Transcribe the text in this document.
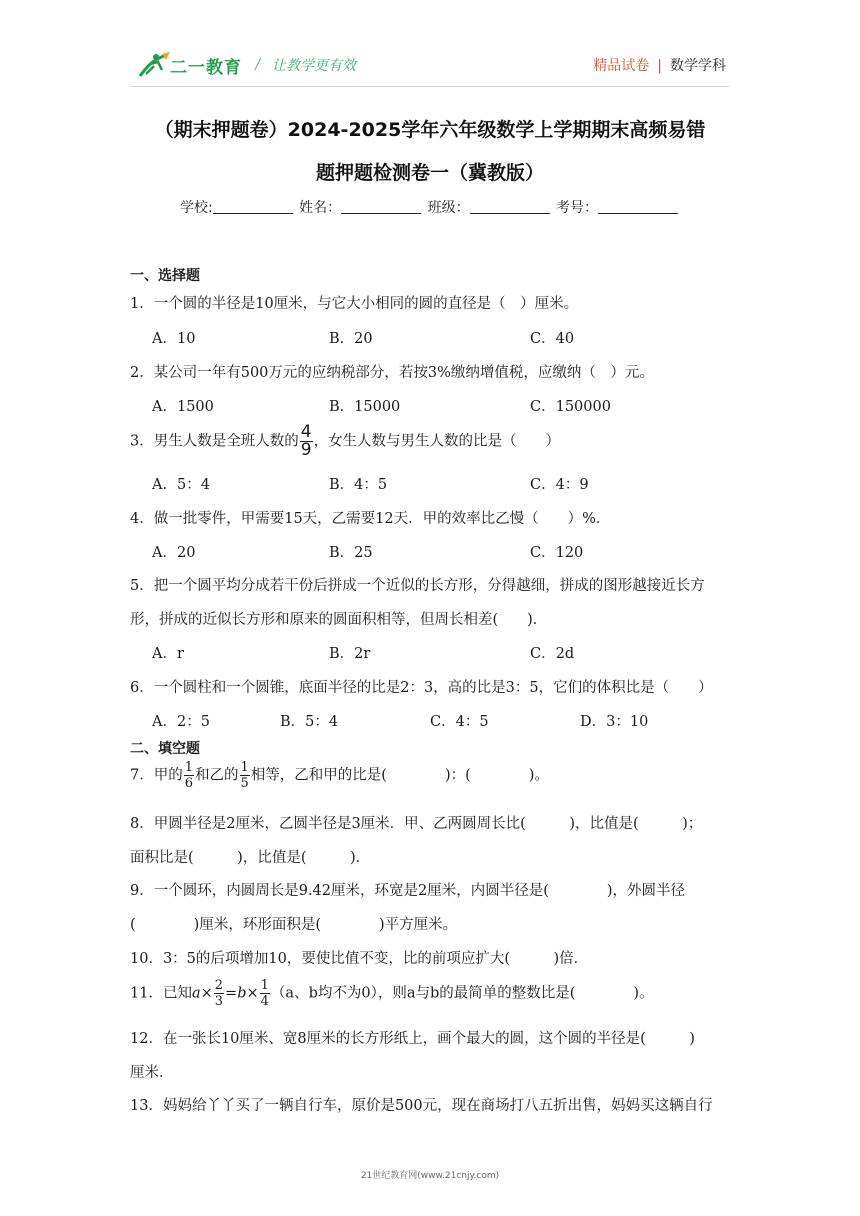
二一教育 / 让教学更有效	精品试卷 | 数学学科
（期末押题卷）2024-2025学年六年级数学上学期期末高频易错
题押题检测卷一（冀教版）
学校:	姓名：	班级：	考号：
一、选择题
1．一个圆的半径是10厘米，与它大小相同的圆的直径是（　）厘米。
A．10	B．20	C．40
2．某公司一年有500万元的应纳税部分，若按3%缴纳增值税，应缴纳（　）元。
A．1500	B．15000	C．150000
3．男生人数是全班人数的 $\frac{4}{9}$ ，女生人数与男生人数的比是（　　）
A．5：4	B．4：5	C．4：9
4．做一批零件，甲需要15天，乙需要12天．甲的效率比乙慢（　　）%．
A．20	B．25	C．120
5．把一个圆平均分成若干份后拼成一个近似的长方形，分得越细，拼成的图形越接近长方
形，拼成的近似长方形和原来的圆面积相等，但周长相差(　　)．
A．r	B．2r	C．2d
6．一个圆柱和一个圆锥，底面半径的比是2：3，高的比是3：5，它们的体积比是（　　）
A．2：5	B．5：4	C．4：5	D．3：10
二、填空题
7．甲的 $\frac{1}{6}$ 和乙的 $\frac{1}{5}$ 相等，乙和甲的比是(　　　　)：(　　　　)。
8．甲圆半径是2厘米，乙圆半径是3厘米．甲、乙两圆周长比(　　　)，比值是(　　　)；
面积比是(　　　)，比值是(　　　)．
9．一个圆环，内圆周长是9.42厘米，环宽是2厘米，内圆半径是(　　　　)，外圆半径
(　　　　)厘米，环形面积是(　　　　)平方厘米。
10．3：5的后项增加10，要使比值不变，比的前项应扩大(　　　)倍．
11．已知$a\times \frac{2}{3} =b\times \frac{1}{4} (a$、b均不为0），则a与b的最简单的整数比是(　　　　)。
12．在一张长10厘米、宽8厘米的长方形纸上，画个最大的圆，这个圆的半径是(　　　)
厘米．
13．妈妈给丫丫买了一辆自行车，原价是500元，现在商场打八五折出售，妈妈买这辆自行
21世纪教育网(www.21cnjy.com)
